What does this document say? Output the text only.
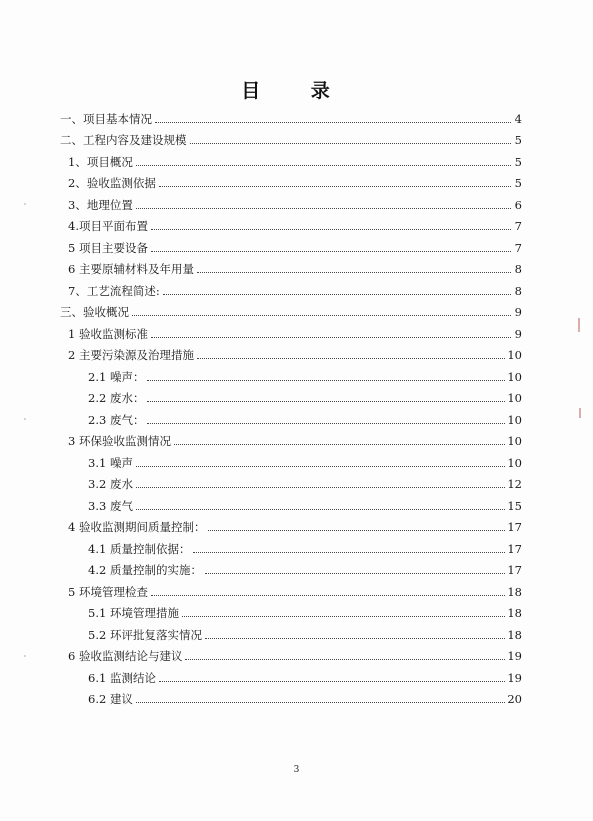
目 录
一、项目基本情况	4
二、工程内容及建设规模	5
1、项目概况	5
2、验收监测依据	5
3、地理位置	6
4.项目平面布置	7
5 项目主要设备	7
6 主要原辅材料及年用量	8
7、工艺流程简述:	8
三、验收概况	9
1 验收监测标准	9
2 主要污染源及治理措施	10
2.1 噪声：	10
2.2 废水：	10
2.3 废气：	10
3 环保验收监测情况	10
3.1 噪声	10
3.2 废水	12
3.3 废气	15
4 验收监测期间质量控制：	17
4.1 质量控制依据：	17
4.2 质量控制的实施：	17
5 环境管理检查	18
5.1 环境管理措施	18
5.2 环评批复落实情况	18
6 验收监测结论与建议	19
6.1 监测结论	19
6.2 建议	20
3
